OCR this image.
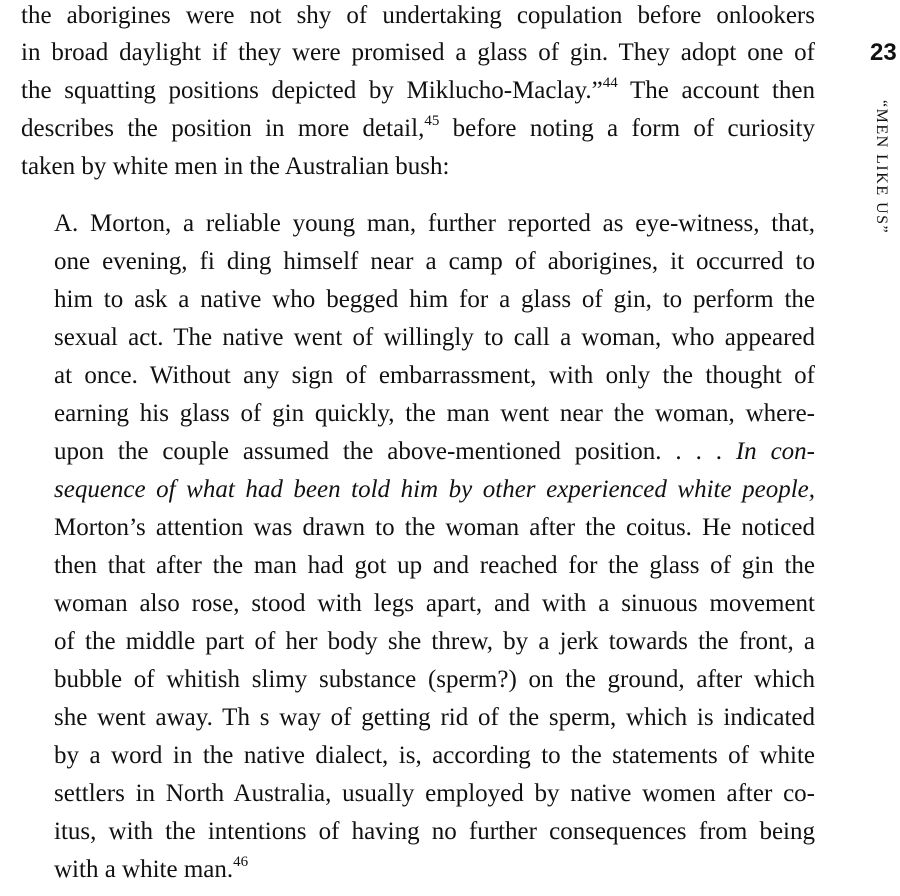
23
“MEN LIKE US”

the aborigines were not shy of undertaking copulation before onlookers

in broad daylight if they were promised a glass of gin. They adopt one of

the squatting positions depicted by Miklucho-Maclay.”$^{44}$ The account then

describes the position in more detail,$^{45}$ before noting a form of curiosity

taken by white men in the Australian bush:

A. Morton, a reliable young man, further reported as eye-witness, that,

one evening, fi ding himself near a camp of aborigines, it occurred to

him to ask a native who begged him for a glass of gin, to perform the

sexual act. The native went of willingly to call a woman, who appeared

at once. Without any sign of embarrassment, with only the thought of

earning his glass of gin quickly, the man went near the woman, where-

upon the couple assumed the above-mentioned position. . . . In con-

sequence of what had been told him by other experienced white people,

Morton’s attention was drawn to the woman after the coitus. He noticed

then that after the man had got up and reached for the glass of gin the

woman also rose, stood with legs apart, and with a sinuous movement

of the middle part of her body she threw, by a jerk towards the front, a

bubble of whitish slimy substance (sperm?) on the ground, after which

she went away. Th s way of getting rid of the sperm, which is indicated

by a word in the native dialect, is, according to the statements of white

settlers in North Australia, usually employed by native women after co-

itus, with the intentions of having no further consequences from being

with a white man.$^{46}$
